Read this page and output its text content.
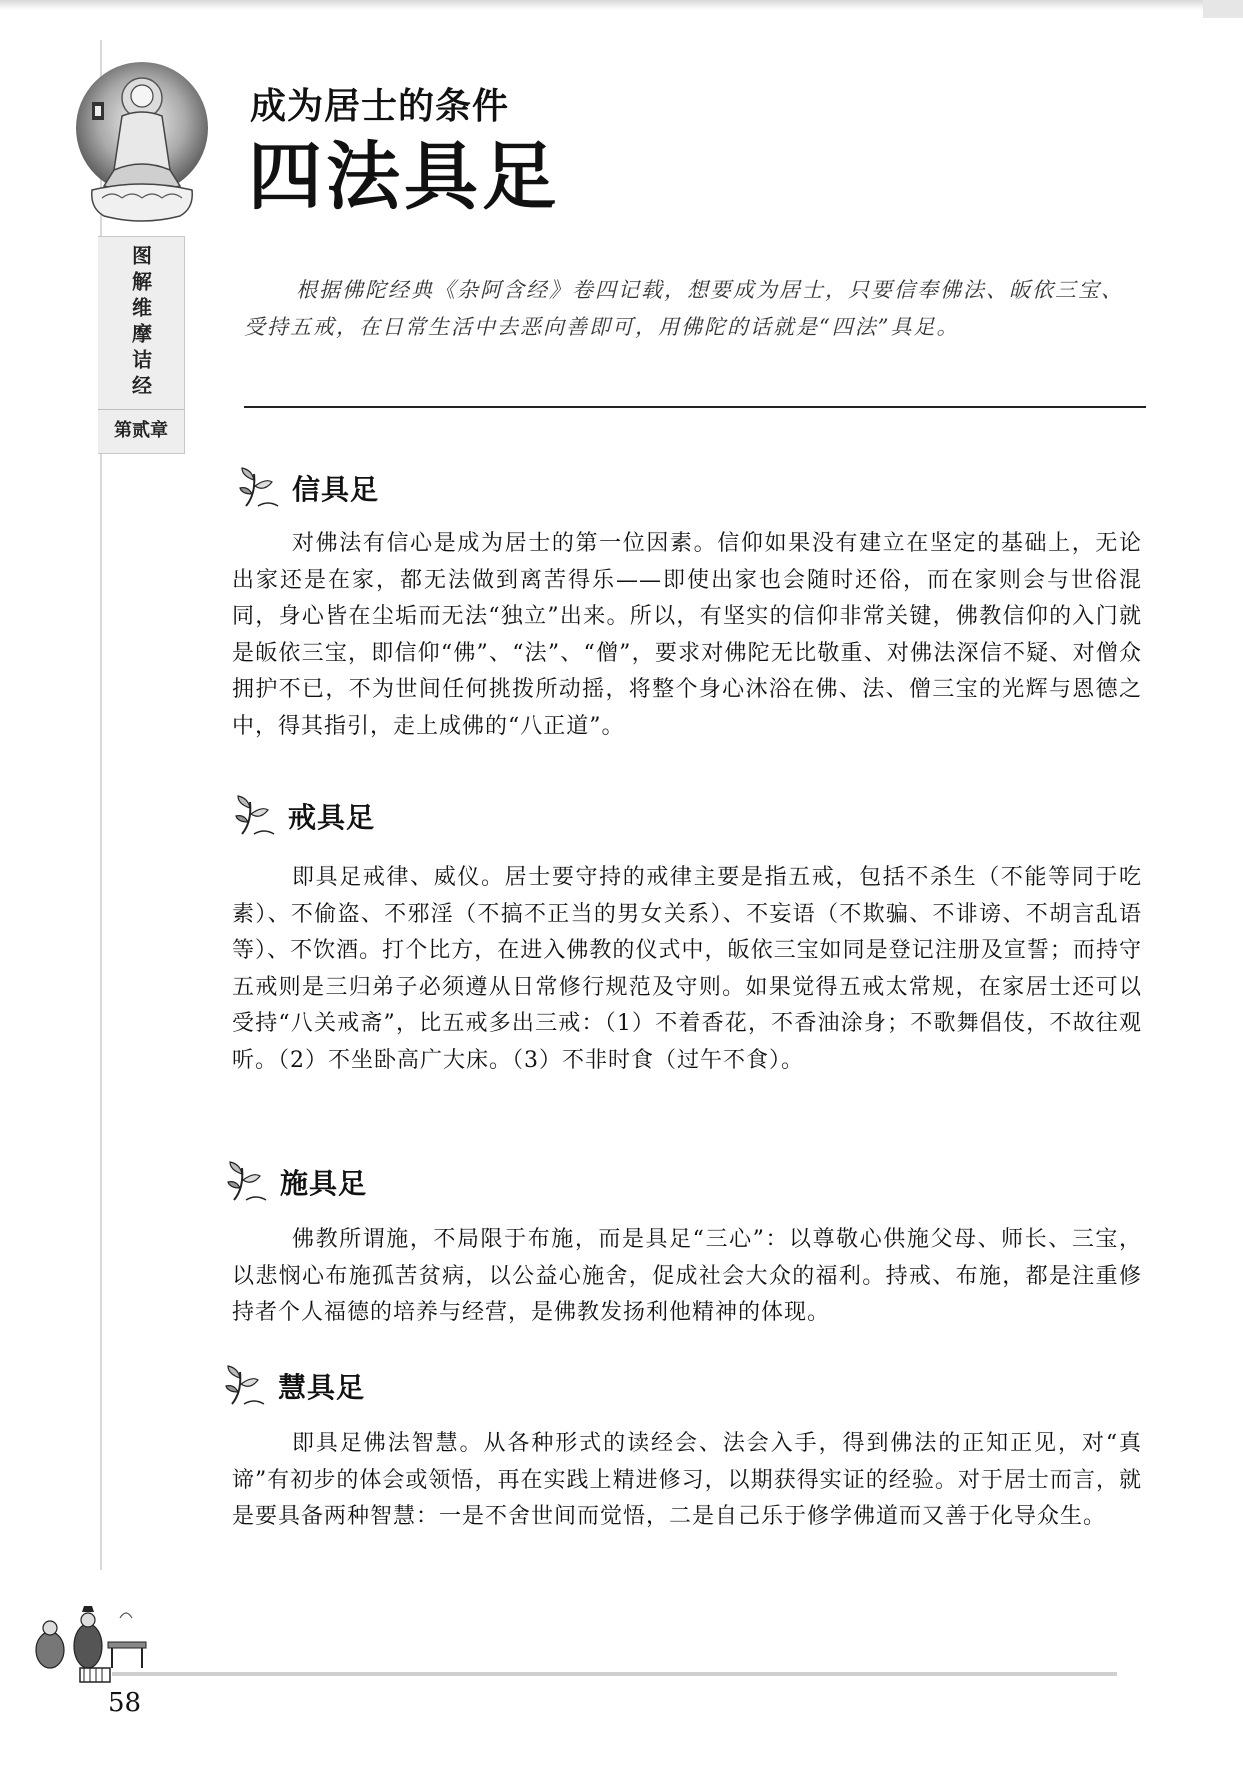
图解维摩诘经
第贰章
成为居士的条件
四法具足
根据佛陀经典《杂阿含经》卷四记载，想要成为居士，只要信奉佛法、皈依三宝、受持五戒，在日常生活中去恶向善即可，用佛陀的话就是“四法”具足。
信具足
对佛法有信心是成为居士的第一位因素。信仰如果没有建立在坚定的基础上，无论出家还是在家，都无法做到离苦得乐——即使出家也会随时还俗，而在家则会与世俗混同，身心皆在尘垢而无法“独立”出来。所以，有坚实的信仰非常关键，佛教信仰的入门就是皈依三宝，即信仰“佛”、“法”、“僧”，要求对佛陀无比敬重、对佛法深信不疑、对僧众拥护不已，不为世间任何挑拨所动摇，将整个身心沐浴在佛、法、僧三宝的光辉与恩德之中，得其指引，走上成佛的“八正道”。
戒具足
即具足戒律、威仪。居士要守持的戒律主要是指五戒，包括不杀生（不能等同于吃素）、不偷盗、不邪淫（不搞不正当的男女关系）、不妄语（不欺骗、不诽谤、不胡言乱语等）、不饮酒。打个比方，在进入佛教的仪式中，皈依三宝如同是登记注册及宣誓；而持守五戒则是三归弟子必须遵从日常修行规范及守则。如果觉得五戒太常规，在家居士还可以受持“八关戒斋”，比五戒多出三戒：（1）不着香花，不香油涂身；不歌舞倡伎，不故往观听。（2）不坐卧高广大床。（3）不非时食（过午不食）。
施具足
佛教所谓施，不局限于布施，而是具足“三心”：以尊敬心供施父母、师长、三宝，以悲悯心布施孤苦贫病，以公益心施舍，促成社会大众的福利。持戒、布施，都是注重修持者个人福德的培养与经营，是佛教发扬利他精神的体现。
慧具足
即具足佛法智慧。从各种形式的读经会、法会入手，得到佛法的正知正见，对“真谛”有初步的体会或领悟，再在实践上精进修习，以期获得实证的经验。对于居士而言，就是要具备两种智慧：一是不舍世间而觉悟，二是自己乐于修学佛道而又善于化导众生。
58
